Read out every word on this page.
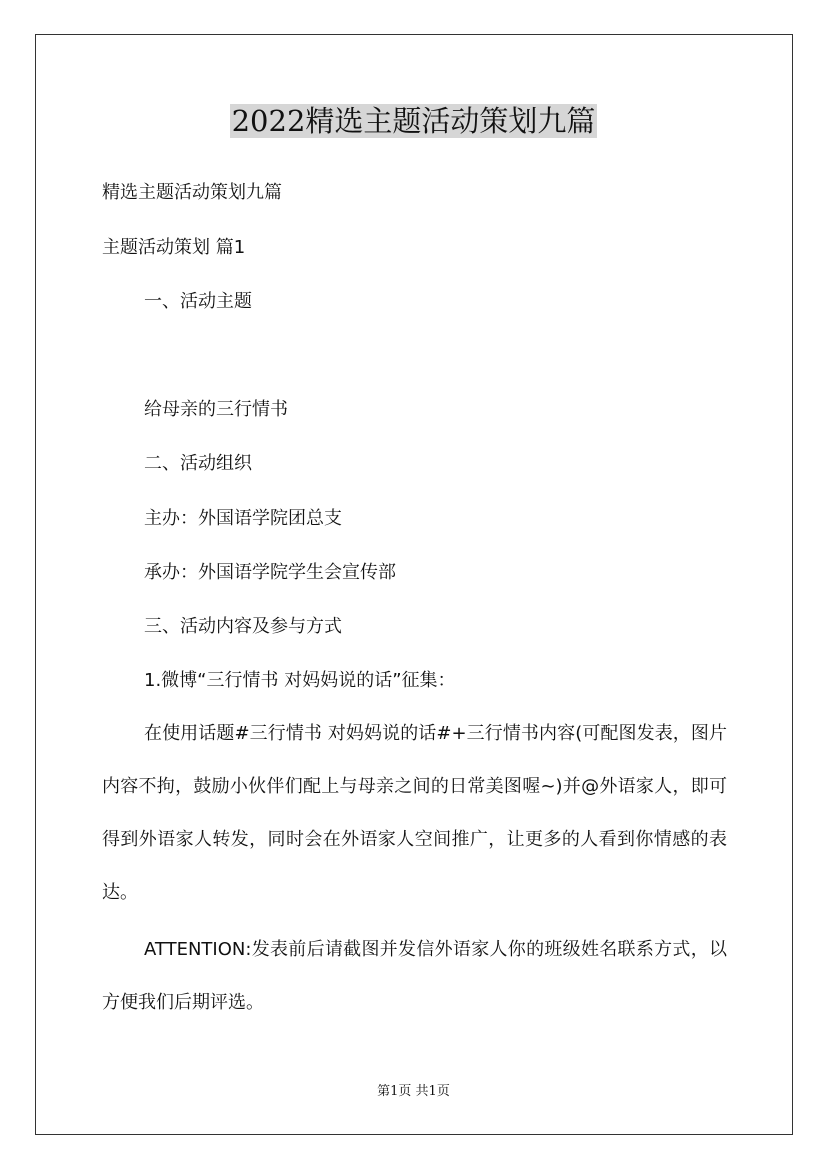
2022精选主题活动策划九篇
精选主题活动策划九篇
主题活动策划 篇1
一、活动主题
给母亲的三行情书
二、活动组织
主办：外国语学院团总支
承办：外国语学院学生会宣传部
三、活动内容及参与方式
1.微博“三行情书 对妈妈说的话”征集：
在使用话题#三行情书 对妈妈说的话#+三行情书内容(可配图发表，图片内容不拘，鼓励小伙伴们配上与母亲之间的日常美图喔~)并@外语家人，即可得到外语家人转发，同时会在外语家人空间推广，让更多的人看到你情感的表达。
ATTENTION:发表前后请截图并发信外语家人你的班级姓名联系方式，以方便我们后期评选。
第1页 共1页
